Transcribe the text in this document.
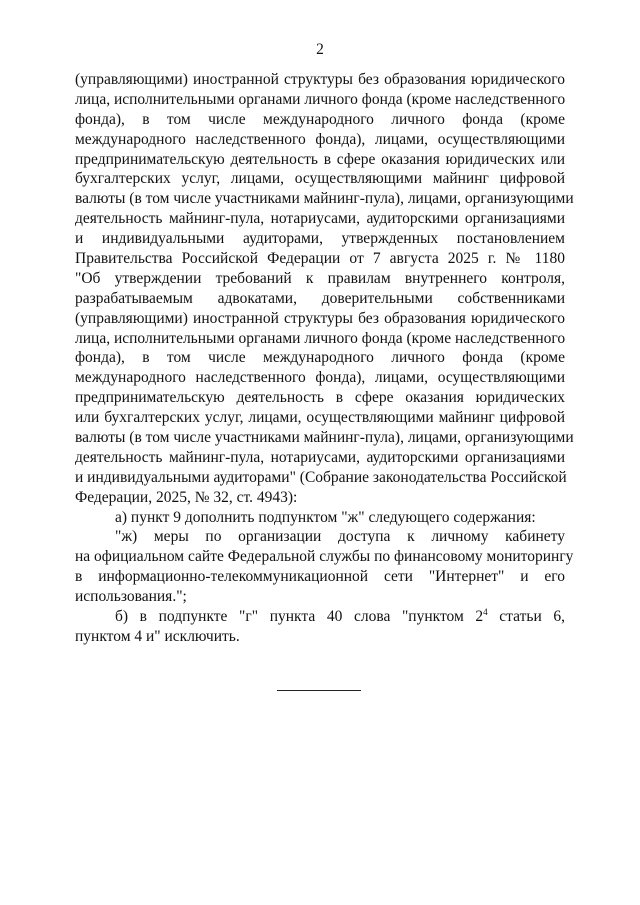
2
(управляющими) иностранной структуры без образования юридического
лица, исполнительными органами личного фонда (кроме наследственного
фонда), в том числе международного личного фонда (кроме
международного наследственного фонда), лицами, осуществляющими
предпринимательскую деятельность в сфере оказания юридических или
бухгалтерских услуг, лицами, осуществляющими майнинг цифровой
валюты (в том числе участниками майнинг-пула), лицами, организующими
деятельность майнинг-пула, нотариусами, аудиторскими организациями
и индивидуальными аудиторами, утвержденных постановлением
Правительства Российской Федерации от 7 августа 2025 г. № 1180
"Об утверждении требований к правилам внутреннего контроля,
разрабатываемым адвокатами, доверительными собственниками
(управляющими) иностранной структуры без образования юридического
лица, исполнительными органами личного фонда (кроме наследственного
фонда), в том числе международного личного фонда (кроме
международного наследственного фонда), лицами, осуществляющими
предпринимательскую деятельность в сфере оказания юридических
или бухгалтерских услуг, лицами, осуществляющими майнинг цифровой
валюты (в том числе участниками майнинг-пула), лицами, организующими
деятельность майнинг-пула, нотариусами, аудиторскими организациями
и индивидуальными аудиторами" (Собрание законодательства Российской
Федерации, 2025, № 32, ст. 4943):
а) пункт 9 дополнить подпунктом "ж" следующего содержания:
"ж) меры по организации доступа к личному кабинету
на официальном сайте Федеральной службы по финансовому мониторингу
в информационно-телекоммуникационной сети "Интернет" и его
использования.";
б) в подпункте "г" пункта 40 слова "пунктом $2^4$ статьи 6,
пунктом 4 и" исключить.
